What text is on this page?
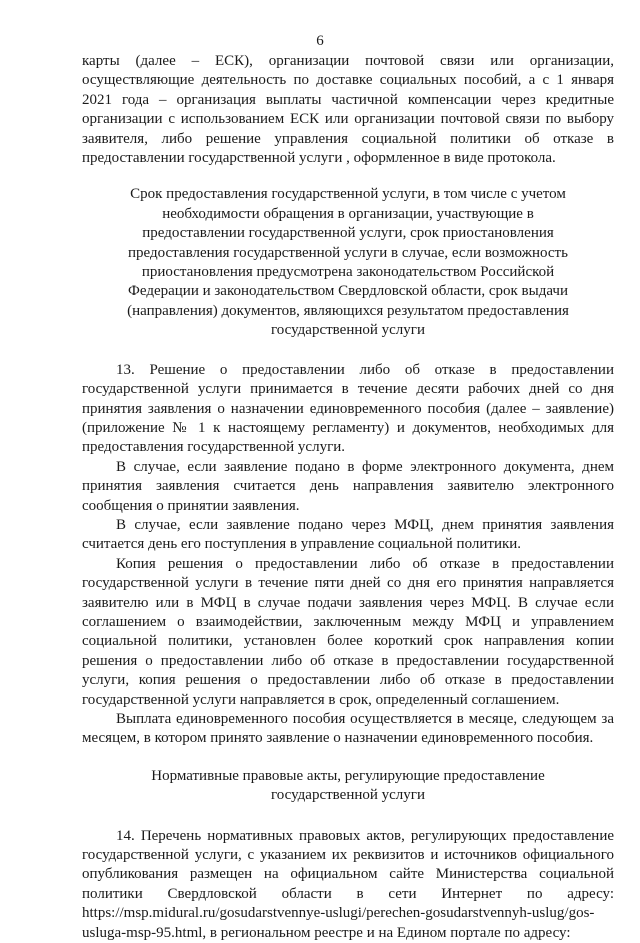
6

карты (далее – ЕСК), организации почтовой связи или организации, осуществляющие деятельность по доставке социальных пособий, а с 1 января 2021 года – организация выплаты частичной компенсации через кредитные организации с использованием ЕСК или организации почтовой связи по выбору заявителя, либо решение управления социальной политики об отказе в предоставлении государственной услуги , оформленное в виде протокола.

Срок предоставления государственной услуги, в том числе с учетом необходимости обращения в организации, участвующие в предоставлении государственной услуги, срок приостановления предоставления государственной услуги в случае, если возможность приостановления предусмотрена законодательством Российской Федерации и законодательством Свердловской области, срок выдачи (направления) документов, являющихся результатом предоставления государственной услуги

13. Решение о предоставлении либо об отказе в предоставлении государственной услуги принимается в течение десяти рабочих дней со дня принятия заявления о назначении единовременного пособия (далее – заявление) (приложение № 1 к настоящему регламенту) и документов, необходимых для предоставления государственной услуги.

В случае, если заявление подано в форме электронного документа, днем принятия заявления считается день направления заявителю электронного сообщения о принятии заявления.

В случае, если заявление подано через МФЦ, днем принятия заявления считается день его поступления в управление социальной политики.

Копия решения о предоставлении либо об отказе в предоставлении государственной услуги в течение пяти дней со дня его принятия направляется заявителю или в МФЦ в случае подачи заявления через МФЦ. В случае если соглашением о взаимодействии, заключенным между МФЦ и управлением социальной политики, установлен более короткий срок направления копии решения о предоставлении либо об отказе в предоставлении государственной услуги, копия решения о предоставлении либо об отказе в предоставлении государственной услуги направляется в срок, определенный соглашением.

Выплата единовременного пособия осуществляется в месяце, следующем за месяцем, в котором принято заявление о назначении единовременного пособия.

Нормативные правовые акты, регулирующие предоставление государственной услуги

14. Перечень нормативных правовых актов, регулирующих предоставление государственной услуги, с указанием их реквизитов и источников официального опубликования размещен на официальном сайте Министерства социальной политики Свердловской области в сети Интернет по адресу: https://msp.midural.ru/gosudarstvennye-uslugi/perechen-gosudarstvennyh-uslug/gos-usluga-msp-95.html, в региональном реестре и на Едином портале по адресу:
